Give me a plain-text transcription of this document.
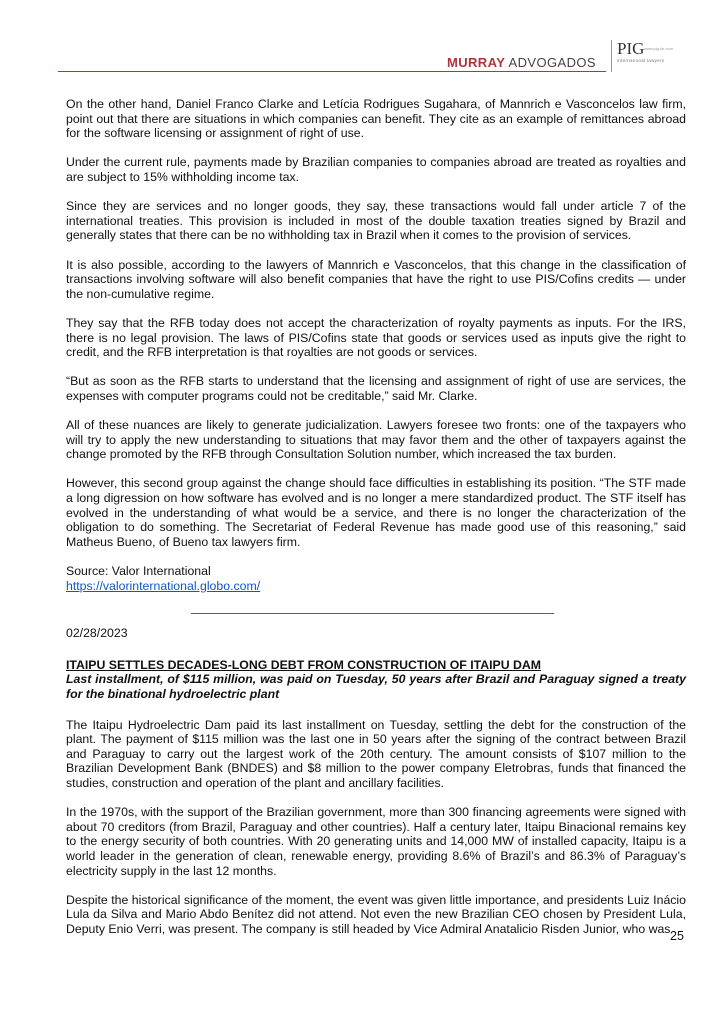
MURRAY ADVOGADOS
PIG www.pig-iin.com
international lawyers

On the other hand, Daniel Franco Clarke and Letícia Rodrigues Sugahara, of Mannrich e Vasconcelos law firm, point out that there are situations in which companies can benefit. They cite as an example of remittances abroad for the software licensing or assignment of right of use.

Under the current rule, payments made by Brazilian companies to companies abroad are treated as royalties and are subject to 15% withholding income tax.

Since they are services and no longer goods, they say, these transactions would fall under article 7 of the international treaties. This provision is included in most of the double taxation treaties signed by Brazil and generally states that there can be no withholding tax in Brazil when it comes to the provision of services.

It is also possible, according to the lawyers of Mannrich e Vasconcelos, that this change in the classification of transactions involving software will also benefit companies that have the right to use PIS/Cofins credits — under the non-cumulative regime.

They say that the RFB today does not accept the characterization of royalty payments as inputs. For the IRS, there is no legal provision. The laws of PIS/Cofins state that goods or services used as inputs give the right to credit, and the RFB interpretation is that royalties are not goods or services.

“But as soon as the RFB starts to understand that the licensing and assignment of right of use are services, the expenses with computer programs could not be creditable,” said Mr. Clarke.

All of these nuances are likely to generate judicialization. Lawyers foresee two fronts: one of the taxpayers who will try to apply the new understanding to situations that may favor them and the other of taxpayers against the change promoted by the RFB through Consultation Solution number, which increased the tax burden.

However, this second group against the change should face difficulties in establishing its position. “The STF made a long digression on how software has evolved and is no longer a mere standardized product. The STF itself has evolved in the understanding of what would be a service, and there is no longer the characterization of the obligation to do something. The Secretariat of Federal Revenue has made good use of this reasoning,” said Matheus Bueno, of Bueno tax lawyers firm.

Source: Valor International

https://valorinternational.globo.com/

02/28/2023

ITAIPU SETTLES DECADES-LONG DEBT FROM CONSTRUCTION OF ITAIPU DAM

Last installment, of $115 million, was paid on Tuesday, 50 years after Brazil and Paraguay signed a treaty for the binational hydroelectric plant

The Itaipu Hydroelectric Dam paid its last installment on Tuesday, settling the debt for the construction of the plant. The payment of $115 million was the last one in 50 years after the signing of the contract between Brazil and Paraguay to carry out the largest work of the 20th century. The amount consists of $107 million to the Brazilian Development Bank (BNDES) and $8 million to the power company Eletrobras, funds that financed the studies, construction and operation of the plant and ancillary facilities.

In the 1970s, with the support of the Brazilian government, more than 300 financing agreements were signed with about 70 creditors (from Brazil, Paraguay and other countries). Half a century later, Itaipu Binacional remains key to the energy security of both countries. With 20 generating units and 14,000 MW of installed capacity, Itaipu is a world leader in the generation of clean, renewable energy, providing 8.6% of Brazil’s and 86.3% of Paraguay’s electricity supply in the last 12 months.

Despite the historical significance of the moment, the event was given little importance, and presidents Luiz Inácio Lula da Silva and Mario Abdo Benítez did not attend. Not even the new Brazilian CEO chosen by President Lula, Deputy Enio Verri, was present. The company is still headed by Vice Admiral Anatalicio Risden Junior, who was

25
